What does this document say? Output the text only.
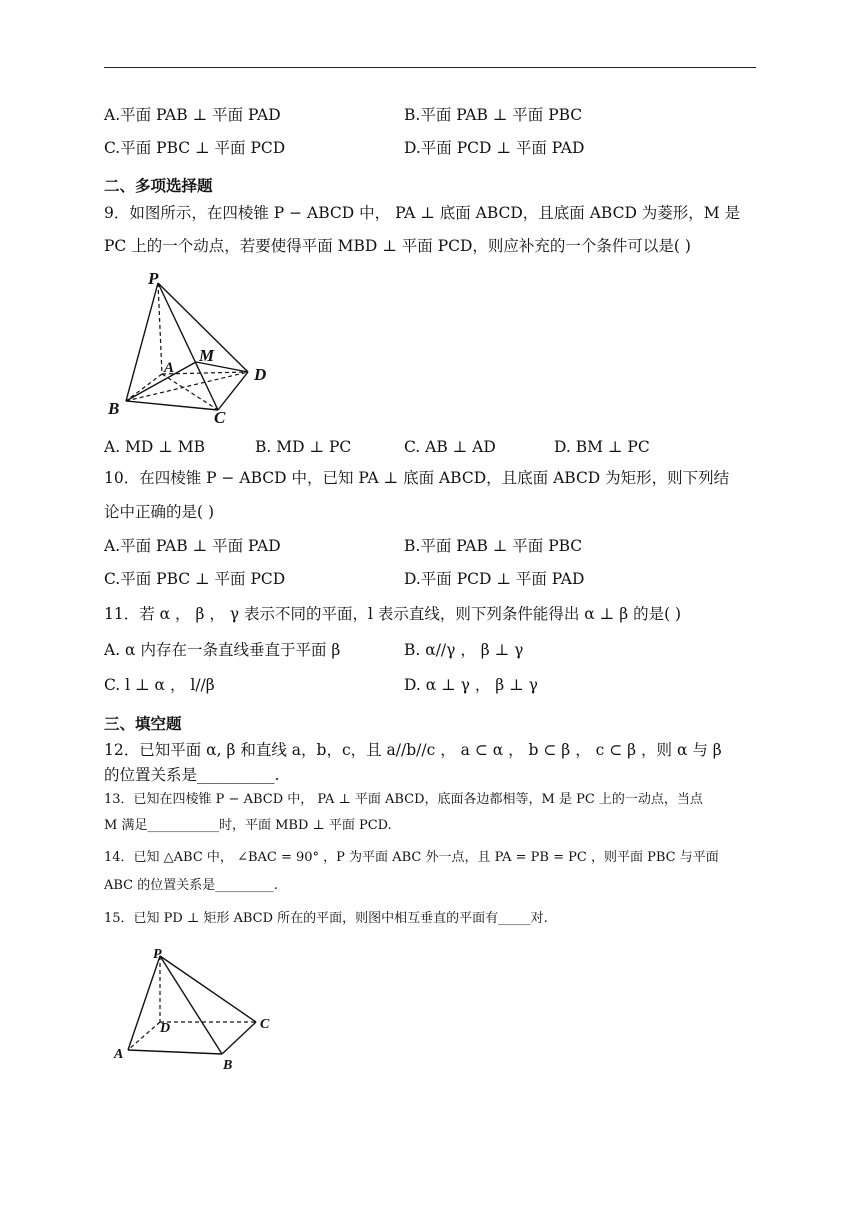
A.平面 PAB ⊥ 平面 PAD	B.平面 PAB ⊥ 平面 PBC
C.平面 PBC ⊥ 平面 PCD	D.平面 PCD ⊥ 平面 PAD
二、多项选择题
9．如图所示，在四棱锥 P − ABCD 中， PA ⊥ 底面 ABCD，且底面 ABCD 为菱形，M 是
PC 上的一个动点，若要使得平面 MBD ⊥ 平面 PCD，则应补充的一个条件可以是( )
P
A
M
D
B	C
A. MD ⊥ MB	B. MD ⊥ PC	C. AB ⊥ AD	D. BM ⊥ PC
10．在四棱锥 P − ABCD 中，已知 PA ⊥ 底面 ABCD，且底面 ABCD 为矩形，则下列结
论中正确的是( )
A.平面 PAB ⊥ 平面 PAD	B.平面 PAB ⊥ 平面 PBC
C.平面 PBC ⊥ 平面 PCD	D.平面 PCD ⊥ 平面 PAD
11．若 α ， β ， γ 表示不同的平面，l 表示直线，则下列条件能得出 α ⊥ β 的是( )
A. α 内存在一条直线垂直于平面 β	B. α//γ ， β ⊥ γ
C. l ⊥ α ， l//β	D. α ⊥ γ ， β ⊥ γ
三、填空题
12．已知平面 α, β 和直线 a，b，c，且 a//b//c ， a ⊂ α ， b ⊂ β ， c ⊂ β ，则 α 与 β
的位置关系是__________.
13．已知在四棱锥 P − ABCD 中， PA ⊥ 平面 ABCD，底面各边都相等，M 是 PC 上的一动点，当点
M 满足___________时，平面 MBD ⊥ 平面 PCD.
14．已知 △ABC 中， ∠BAC = 90° ，P 为平面 ABC 外一点，且 PA = PB = PC ，则平面 PBC 与平面
ABC 的位置关系是_________.
15．已知 PD ⊥ 矩形 ABCD 所在的平面，则图中相互垂直的平面有_____对.
P
D	C
A
B
